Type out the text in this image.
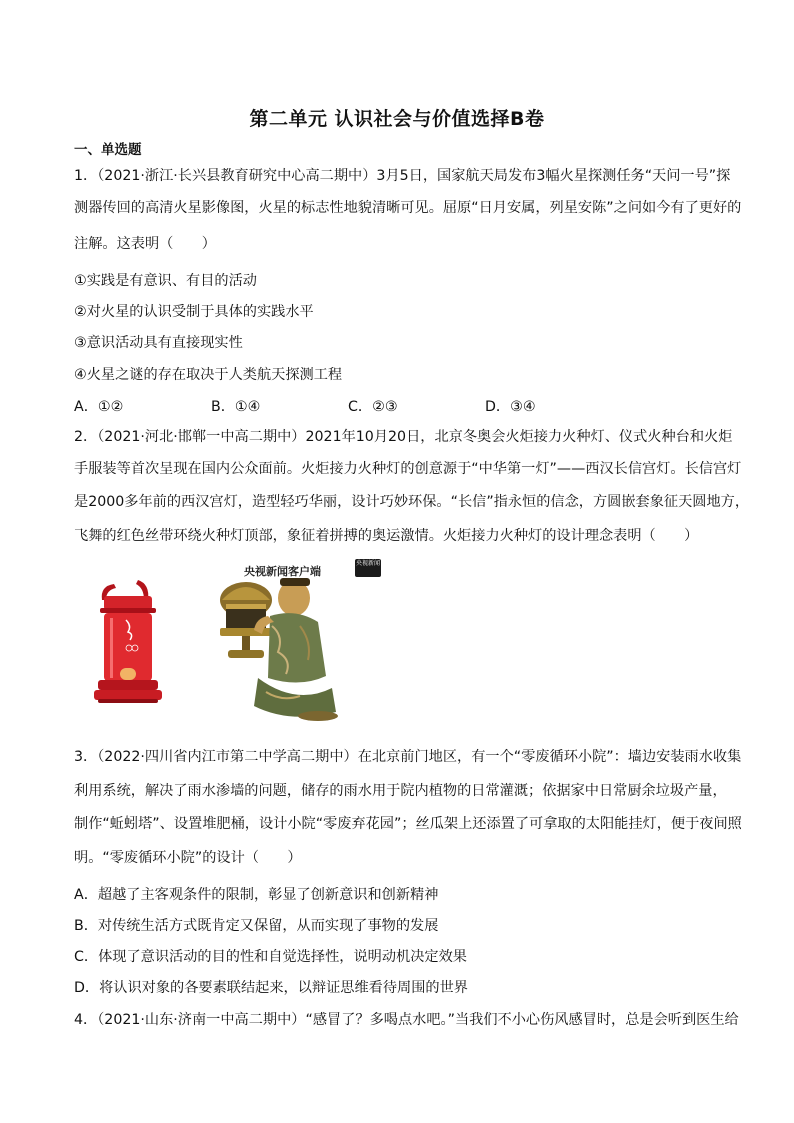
第二单元 认识社会与价值选择B卷
一、单选题
1．（2021·浙江·长兴县教育研究中心高二期中）3月5日，国家航天局发布3幅火星探测任务“天问一号”探
测器传回的高清火星影像图，火星的标志性地貌清晰可见。屈原“日月安属，列星安陈”之问如今有了更好的
注解。这表明（　　）
①实践是有意识、有目的活动
②对火星的认识受制于具体的实践水平
③意识活动具有直接现实性
④火星之谜的存在取决于人类航天探测工程
A．①②	B．①④	C．②③	D．③④
2．（2021·河北·邯郸一中高二期中）2021年10月20日，北京冬奥会火炬接力火种灯、仪式火种台和火炬
手服装等首次呈现在国内公众面前。火炬接力火种灯的创意源于“中华第一灯”——西汉长信宫灯。长信宫灯
是2000多年前的西汉宫灯，造型轻巧华丽，设计巧妙环保。“长信”指永恒的信念，方圆嵌套象征天圆地方，
飞舞的红色丝带环绕火种灯顶部，象征着拼搏的奥运激情。火炬接力火种灯的设计理念表明（　　）
央视新闻客户端
央视新闻
3．（2022·四川省内江市第二中学高二期中）在北京前门地区，有一个“零废循环小院”：墙边安装雨水收集
利用系统，解决了雨水渗墙的问题，储存的雨水用于院内植物的日常灌溉；依据家中日常厨余垃圾产量，
制作“蚯蚓塔”、设置堆肥桶，设计小院“零废弃花园”；丝瓜架上还添置了可拿取的太阳能挂灯，便于夜间照
明。“零废循环小院”的设计（　　）
A．超越了主客观条件的限制，彰显了创新意识和创新精神
B．对传统生活方式既肯定又保留，从而实现了事物的发展
C．体现了意识活动的目的性和自觉选择性，说明动机决定效果
D．将认识对象的各要素联结起来，以辩证思维看待周围的世界
4．（2021·山东·济南一中高二期中）“感冒了？多喝点水吧。”当我们不小心伤风感冒时，总是会听到医生给
